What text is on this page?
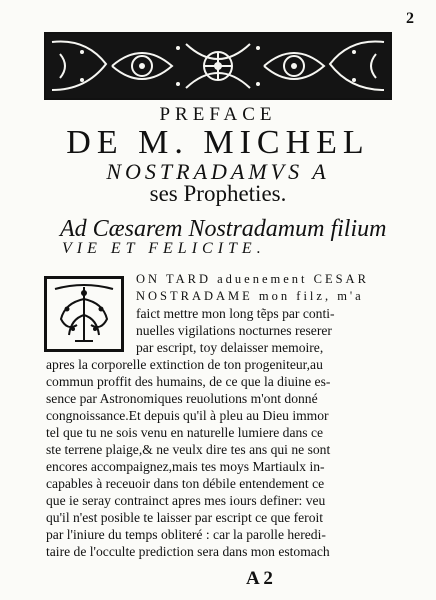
2
PREFACE
DE M. MICHEL
NOSTRADAMVS A
ses Propheties.
Ad Cæsarem Nostradamum filium
VIE ET FELICITE.
ON TARD aduenement CESAR
NOSTRADAME mon filz, m'a
faict mettre mon long tẽps par conti-
nuelles vigilations nocturnes reserer
par escript, toy delaisser memoire,
apres la corporelle extinction de ton progeniteur,au
commun proffit des humains, de ce que la diuine es-
sence par Astronomiques reuolutions m'ont donné
congnoissance.Et depuis qu'il à pleu au Dieu immor
tel que tu ne sois venu en naturelle lumiere dans ce
ste terrene plaige,& ne veulx dire tes ans qui ne sont
encores accompaignez,mais tes moys Martiaulx in-
capables à receuoir dans ton débile entendement ce
que ie seray contrainct apres mes iours definer: veu
qu'il n'est posible te laisser par escript ce que feroit
par l'iniure du temps obliteré : car la parolle heredi-
taire de l'occulte prediction sera dans mon estomach
A 2
